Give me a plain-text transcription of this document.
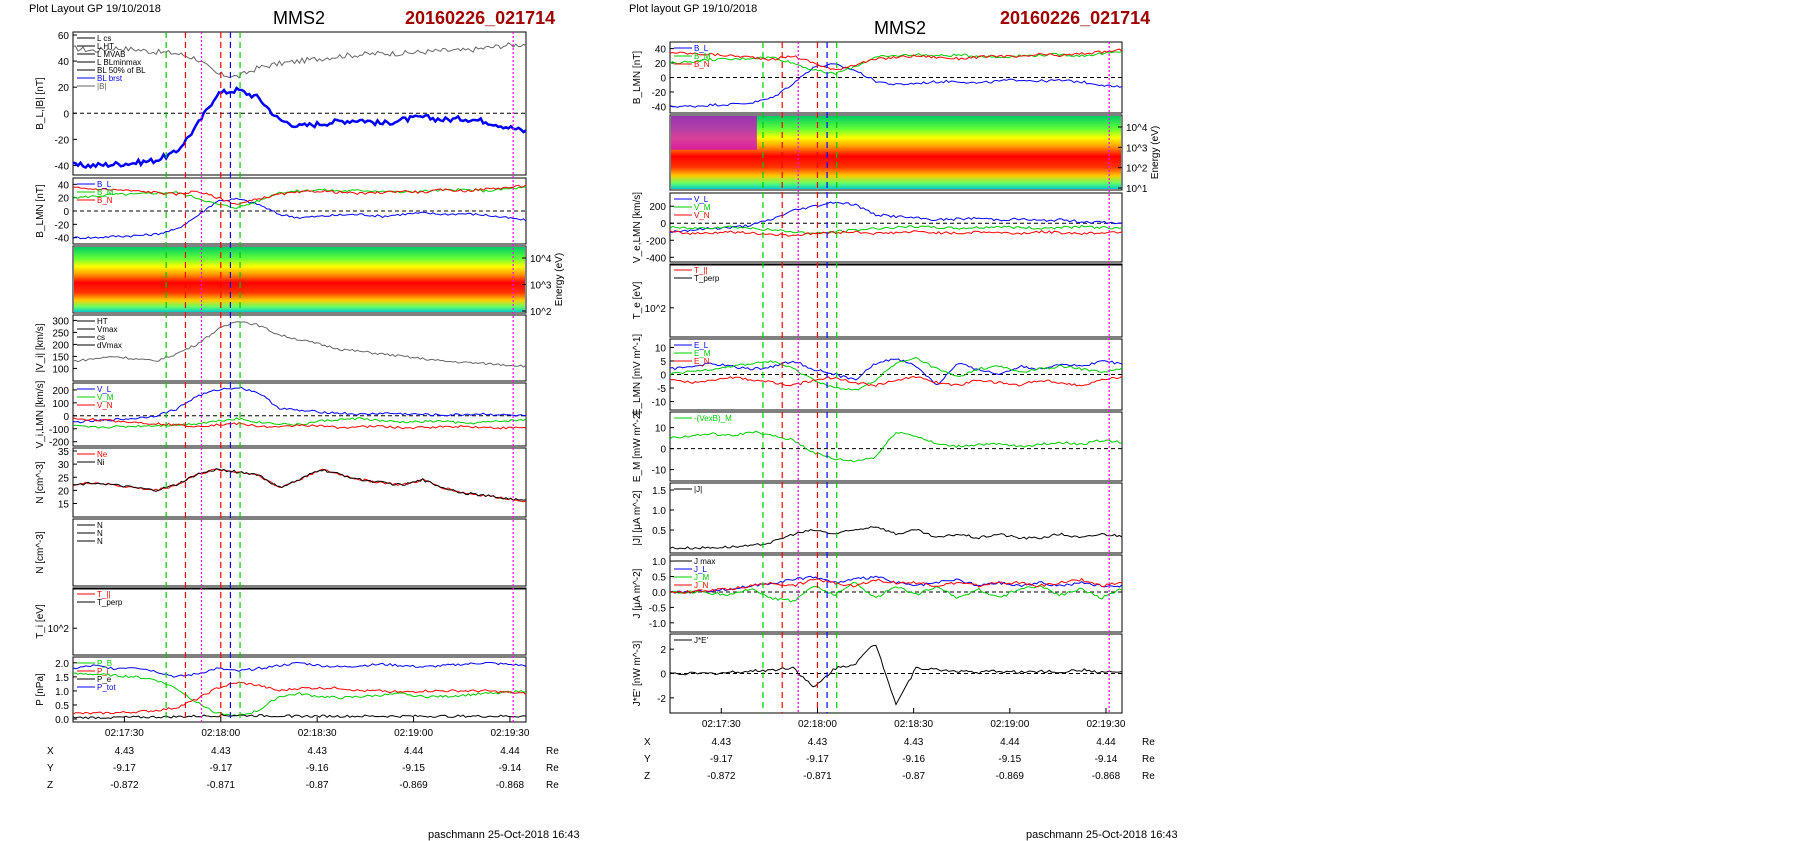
Plot Layout GP 19/10/2018	MMS2	20160226_021714	Plot layout GP 19/10/2018
MMS2	20160226_021714
60
40
20
0
-20
-40
B_L,|B| [nT]
L cs
L HT
L MVAB
L BLminmax
BL 50% of BL
BL brst
|B|
40
20
0
-20
-40
B_LMN [nT]	B_L
B_M
B_N
10^4
10^3
10^2
Energy (eV)
300
250
200
150
100
|V_i| [km/s]
HT
Vmax
cs
dVmax
200
100
0
-100
-200
V_i,LMN [km/s]	V_L
V_M
V_N
35
30
25
20
15
N [cm^-3]
Ne
Ni
N [cm^-3]
N
N
N
10^2
T_i [eV]
T_||
T_perp
2.0
1.5
1.0
0.5
0.0
P [nPa]
P_B
P_i
P_e
P_tot
40
20
0
-20
-40
B_LMN [nT]
B_L
B_M
B_N
10^4
10^3
10^2
10^1
Energy (eV)
200
0
-200
-400
V_e,LMN [km/s]	V_L
V_M
V_N
10^2
T_e [eV]
T_||
T_perp
10
5
0
-5
-10
E_LMN [mV m^-1]	E_L
E_M
E_N
10
0
-10
E_M [mW m^-2]	-(VexB)_M
1.5
1.0
0.5
|J| [μA m^-2]
|J|
1.0
0.5
0.0
-0.5
-1.0
J [μA m^-2]
J max
J_L
J_M
J_N
2
0
-2
J*E' [nW m^-3]
J*E'
02:17:30	02:18:00	02:18:30	02:19:00	02:19:30
02:17:30	02:18:00	02:18:30	02:19:00	02:19:30
X	4.43	4.43	4.43	4.44	4.44	Re
Y	-9.17	-9.17	-9.16	-9.15	-9.14 Re
Z	-0.872	-0.871	-0.87	-0.869	-0.868 Re
X	4.43	4.43	4.43	4.44	4.44	Re
Y	-9.17	-9.17	-9.16	-9.15	-9.14 Re
Z	-0.872	-0.871	-0.87	-0.869	-0.868 Re
paschmann 25-Oct-2018 16:43	paschmann 25-Oct-2018 16:43
